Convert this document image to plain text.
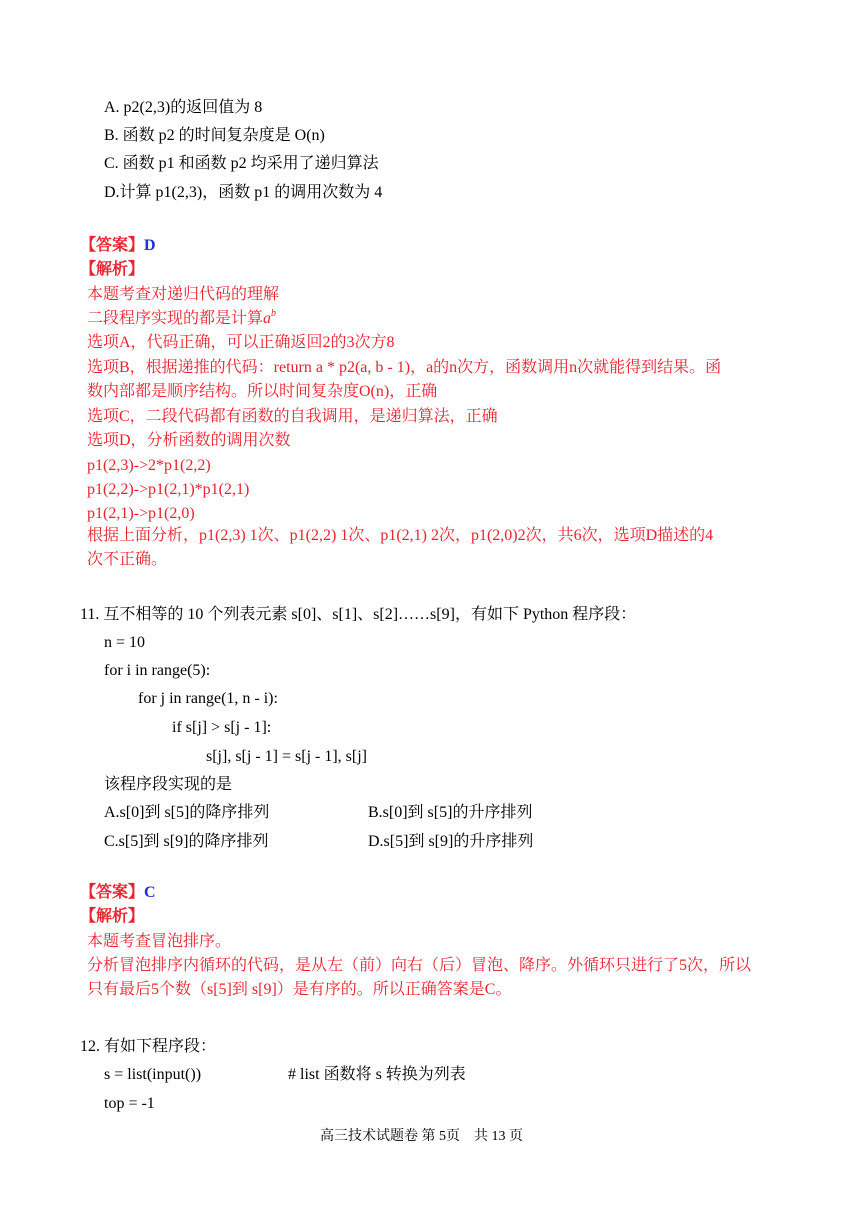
A. p2(2,3)的返回值为 8
B. 函数 p2 的时间复杂度是 O(n)
C. 函数 p1 和函数 p2 均采用了递归算法
D.计算 p1(2,3)，函数 p1 的调用次数为 4
【答案】D
【解析】
本题考查对递归代码的理解
二段程序实现的都是计算$a^b$
选项A，代码正确，可以正确返回2的3次方8
选项B，根据递推的代码：return a * p2(a, b - 1)，a的n次方，函数调用n次就能得到结果。函
数内部都是顺序结构。所以时间复杂度O(n)，正确
选项C，二段代码都有函数的自我调用，是递归算法，正确
选项D，分析函数的调用次数
p1(2,3)->2*p1(2,2)
p1(2,2)->p1(2,1)*p1(2,1)
p1(2,1)->p1(2,0)
根据上面分析，p1(2,3) 1次、p1(2,2) 1次、p1(2,1) 2次，p1(2,0)2次，共6次，选项D描述的4
次不正确。
11. 互不相等的 10 个列表元素 s[0]、s[1]、s[2]……s[9]，有如下 Python 程序段：
n = 10
for i in range(5):
for j in range(1, n - i):
if s[j] > s[j - 1]:
s[j], s[j - 1] = s[j - 1], s[j]
该程序段实现的是
A.s[0]到 s[5]的降序排列	B.s[0]到 s[5]的升序排列
C.s[5]到 s[9]的降序排列	D.s[5]到 s[9]的升序排列
【答案】C
【解析】
本题考查冒泡排序。
分析冒泡排序内循环的代码，是从左（前）向右（后）冒泡、降序。外循环只进行了5次，所以
只有最后5个数（s[5]到 s[9]）是有序的。所以正确答案是C。
12. 有如下程序段：
s = list(input())	# list 函数将 s 转换为列表
top = -1
高三技术试题卷 第 5页　共 13 页
